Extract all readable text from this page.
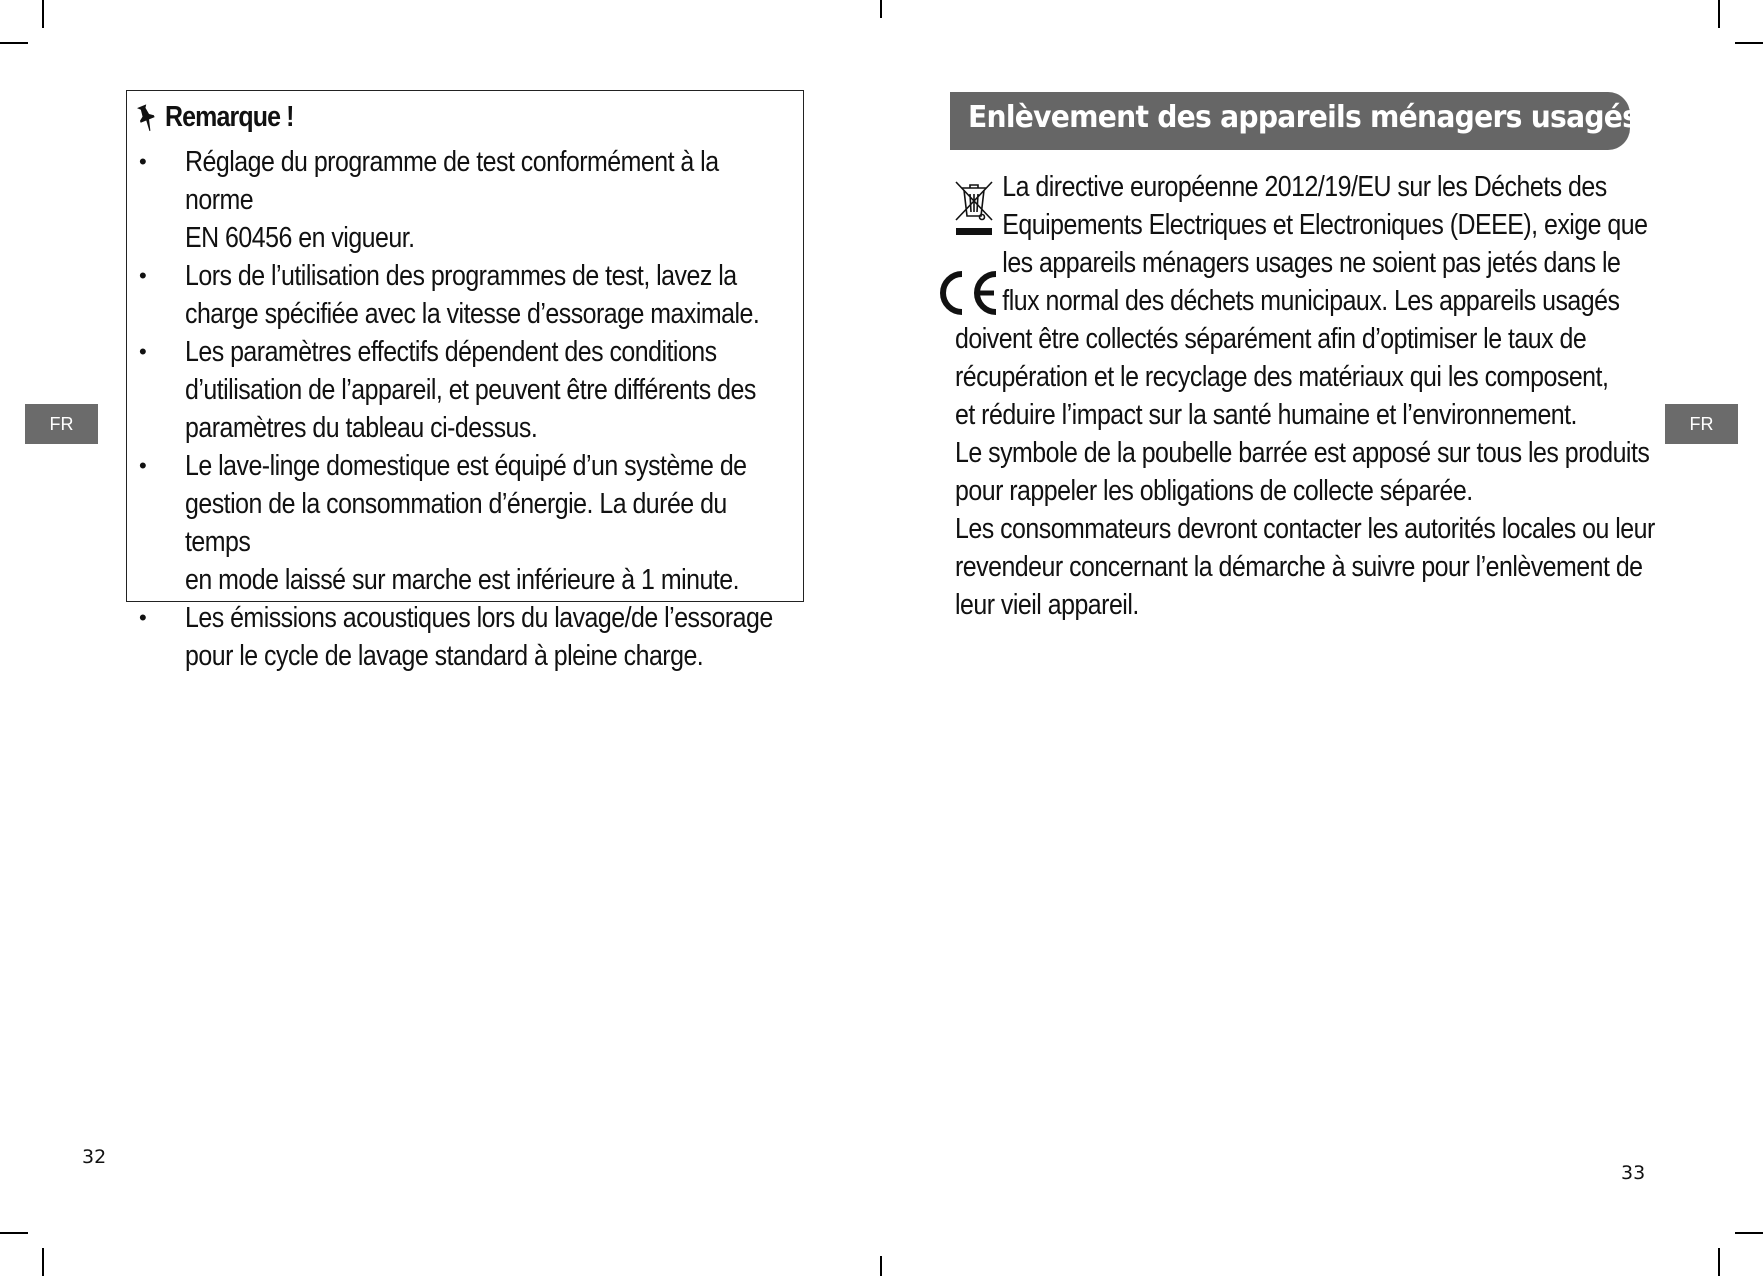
Remarque !
• Réglage du programme de test conformément à la norme
EN 60456 en vigueur.
• Lors de l’utilisation des programmes de test, lavez la
charge spécifiée avec la vitesse d’essorage maximale.
• Les paramètres effectifs dépendent des conditions
d’utilisation de l’appareil, et peuvent être différents des
paramètres du tableau ci-dessus.
• Le lave-linge domestique est équipé d’un système de
gestion de la consommation d’énergie. La durée du temps
en mode laissé sur marche est inférieure à 1 minute.
• Les émissions acoustiques lors du lavage/de l’essorage
pour le cycle de lavage standard à pleine charge.
FR
32
Enlèvement des appareils ménagers usagés
La directive européenne 2012/19/EU sur les Déchets des
Equipements Electriques et Electroniques (DEEE), exige que
les appareils ménagers usages ne soient pas jetés dans le
flux normal des déchets municipaux. Les appareils usagés
doivent être collectés séparément afin d’optimiser le taux de
récupération et le recyclage des matériaux qui les composent,
et réduire l’impact sur la santé humaine et l’environnement.
Le symbole de la poubelle barrée est apposé sur tous les produits
pour rappeler les obligations de collecte séparée.
Les consommateurs devront contacter les autorités locales ou leur
revendeur concernant la démarche à suivre pour l’enlèvement de
leur vieil appareil.
FR
33
